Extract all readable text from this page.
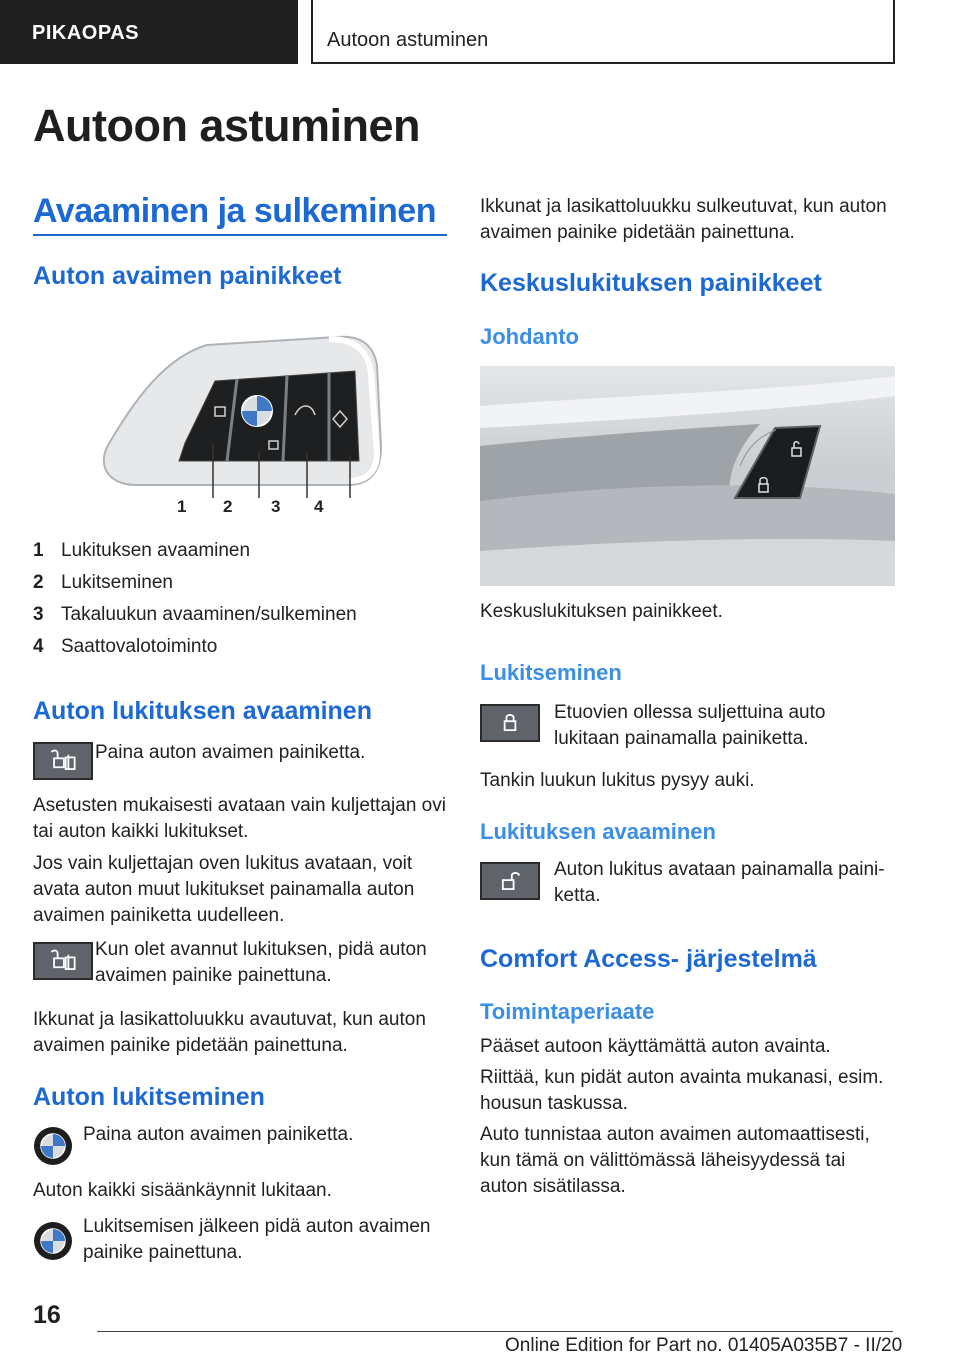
PIKAOPAS	Autoon astuminen
Autoon astuminen
Avaaminen ja sulkeminen
Auton avaimen painikkeet
1 2 3 4
1 Lukituksen avaaminen
2 Lukitseminen
3 Takaluukun avaaminen/sulkeminen
4 Saattovalotoiminto
Auton lukituksen avaaminen

Paina auton avaimen painiketta.

Asetusten mukaisesti avataan vain kuljettajan ovi tai auton kaikki lukitukset.

Jos vain kuljettajan oven lukitus avataan, voit avata auton muut lukitukset painamalla auton avaimen painiketta uudelleen.

Kun olet avannut lukituksen, pidä auton avaimen painike painettuna.

Ikkunat ja lasikattoluukku avautuvat, kun auton avaimen painike pidetään painettuna.

Auton lukitseminen

Paina auton avaimen painiketta.

Auton kaikki sisäänkäynnit lukitaan.

Lukitsemisen jälkeen pidä auton avaimen painike painettuna.

Ikkunat ja lasikattoluukku sulkeutuvat, kun auton avaimen painike pidetään painettuna.

Keskuslukituksen painikkeet
Johdanto

Keskuslukituksen painikkeet.

Lukitseminen

Etuovien ollessa suljettuina auto lukitaan painamalla painiketta.

Tankin luukun lukitus pysyy auki.

Lukituksen avaaminen

Auton lukitus avataan painamalla paini‐ketta.

Comfort Access- järjestelmä
Toimintaperiaate

Pääset autoon käyttämättä auton avainta.

Riittää, kun pidät auton avainta mukanasi, esim. housun taskussa.

Auto tunnistaa auton avaimen automaattisesti, kun tämä on välittömässä läheisyydessä tai auton sisätilassa.

16
Online Edition for Part no. 01405A035B7 - II/20
